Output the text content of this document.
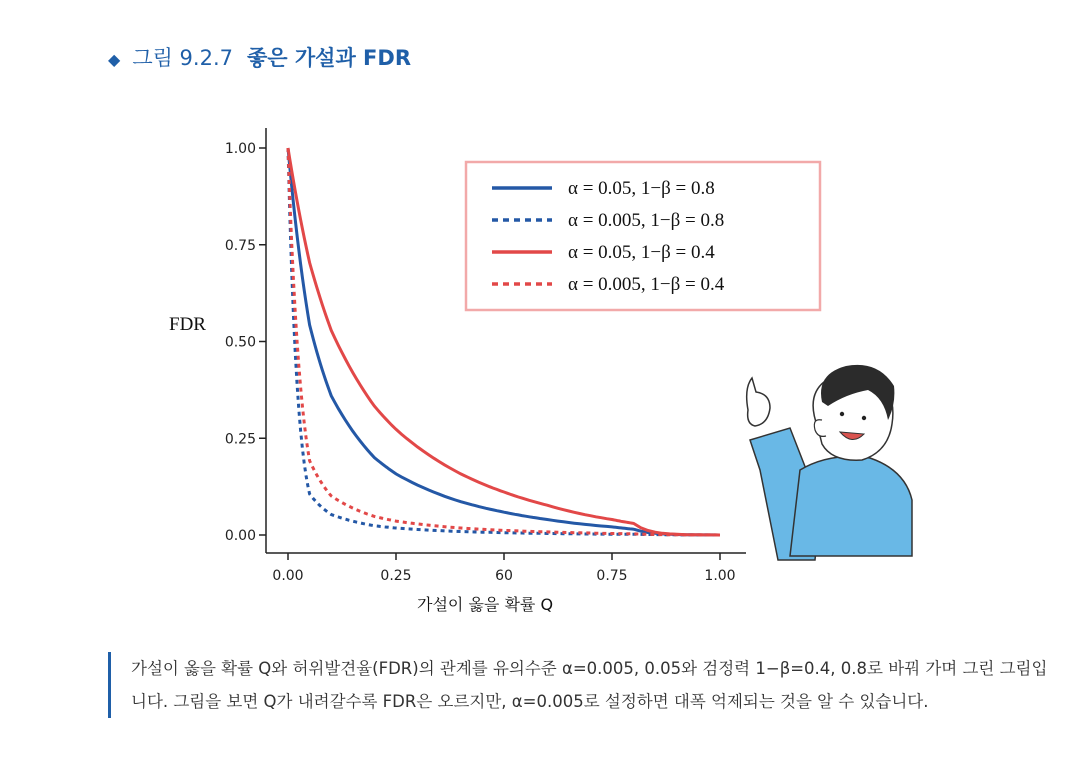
◆ 그림 9.2.7 좋은 가설과 FDR
0.00
0.25
0.50
0.75
1.00
0.00	0.25	60	0.75	1.00
FDR
가설이 옳을 확률 Q
α = 0.05, 1−β = 0.8
α = 0.005, 1−β = 0.8
α = 0.05, 1−β = 0.4
α = 0.005, 1−β = 0.4
가설이 옳을 확률 Q와 허위발견율(FDR)의 관계를 유의수준 α=0.005, 0.05와 검정력 1−β=0.4, 0.8로 바꿔 가며 그린 그림입니다. 그림을 보면 Q가 내려갈수록 FDR은 오르지만, α=0.005로 설정하면 대폭 억제되는 것을 알 수 있습니다.
